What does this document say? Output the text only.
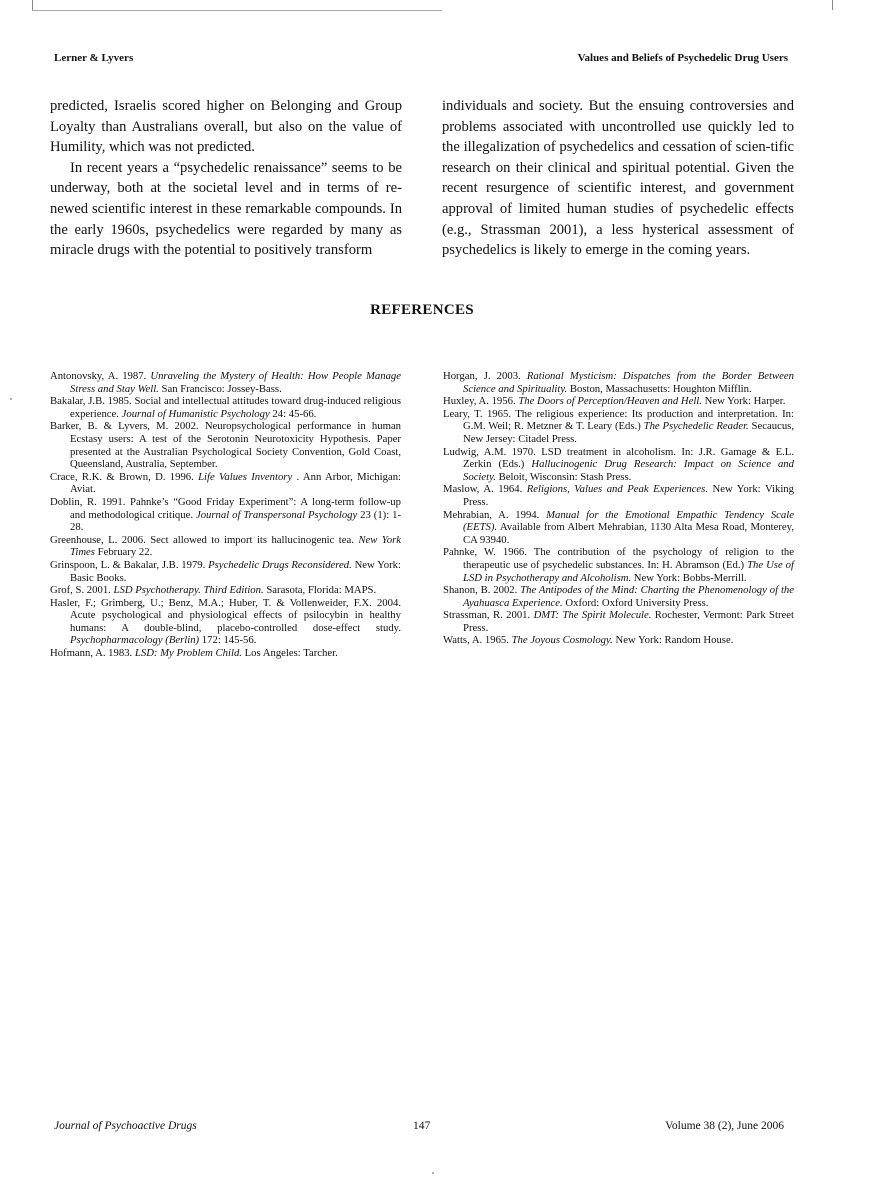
Lerner & Lyvers	Values and Beliefs of Psychedelic Drug Users

predicted, Israelis scored higher on Belonging and Group Loyalty than Australians overall, but also on the value of Humility, which was not predicted.

In recent years a “psychedelic renaissance” seems to be underway, both at the societal level and in terms of re-newed scientific interest in these remarkable compounds. In the early 1960s, psychedelics were regarded by many as miracle drugs with the potential to positively transform

individuals and society. But the ensuing controversies and problems associated with uncontrolled use quickly led to the illegalization of psychedelics and cessation of scien-tific research on their clinical and spiritual potential. Given the recent resurgence of scientific interest, and government approval of limited human studies of psychedelic effects (e.g., Strassman 2001), a less hysterical assessment of psychedelics is likely to emerge in the coming years.

REFERENCES

Antonovsky, A. 1987. Unraveling the Mystery of Health: How People Manage Stress and Stay Well. San Francisco: Jossey-Bass.

Bakalar, J.B. 1985. Social and intellectual attitudes toward drug-induced religious experience. Journal of Humanistic Psychology 24: 45-66.

Barker, B. & Lyvers, M. 2002. Neuropsychological performance in human Ecstasy users: A test of the Serotonin Neurotoxicity Hypothesis. Paper presented at the Australian Psychological Society Convention, Gold Coast, Queensland, Australia, September.

Crace, R.K. & Brown, D. 1996. Life Values Inventory . Ann Arbor, Michigan: Aviat.

Doblin, R. 1991. Pahnke’s “Good Friday Experiment”: A long-term follow-up and methodological critique. Journal of Transpersonal Psychology 23 (1): 1-28.

Greenhouse, L. 2006. Sect allowed to import its hallucinogenic tea. New York Times February 22.

Grinspoon, L. & Bakalar, J.B. 1979. Psychedelic Drugs Reconsidered. New York: Basic Books.

Grof, S. 2001. LSD Psychotherapy. Third Edition. Sarasota, Florida: MAPS.

Hasler, F.; Grimberg, U.; Benz, M.A.; Huber, T. & Vollenweider, F.X. 2004. Acute psychological and physiological effects of psilocybin in healthy humans: A double-blind, placebo-controlled dose-effect study. Psychopharmacology (Berlin) 172: 145-56.

Hofmann, A. 1983. LSD: My Problem Child. Los Angeles: Tarcher.

Horgan, J. 2003. Rational Mysticism: Dispatches from the Border Between Science and Spirituality. Boston, Massachusetts: Houghton Mifflin.

Huxley, A. 1956. The Doors of Perception/Heaven and Hell. New York: Harper.

Leary, T. 1965. The religious experience: Its production and interpretation. In: G.M. Weil; R. Metzner & T. Leary (Eds.) The Psychedelic Reader. Secaucus, New Jersey: Citadel Press.

Ludwig, A.M. 1970. LSD treatment in alcoholism. In: J.R. Gamage & E.L. Zerkin (Eds.) Hallucinogenic Drug Research: Impact on Science and Society. Beloit, Wisconsin: Stash Press.

Maslow, A. 1964. Religions, Values and Peak Experiences. New York: Viking Press.

Mehrabian, A. 1994. Manual for the Emotional Empathic Tendency Scale (EETS). Available from Albert Mehrabian, 1130 Alta Mesa Road, Monterey, CA 93940.

Pahnke, W. 1966. The contribution of the psychology of religion to the therapeutic use of psychedelic substances. In: H. Abramson (Ed.) The Use of LSD in Psychotherapy and Alcoholism. New York: Bobbs-Merrill.

Shanon, B. 2002. The Antipodes of the Mind: Charting the Phenomenology of the Ayahuasca Experience. Oxford: Oxford University Press.

Strassman, R. 2001. DMT: The Spirit Molecule. Rochester, Vermont: Park Street Press.

Watts, A. 1965. The Joyous Cosmology. New York: Random House.

Journal of Psychoactive Drugs	147	Volume 38 (2), June 2006
